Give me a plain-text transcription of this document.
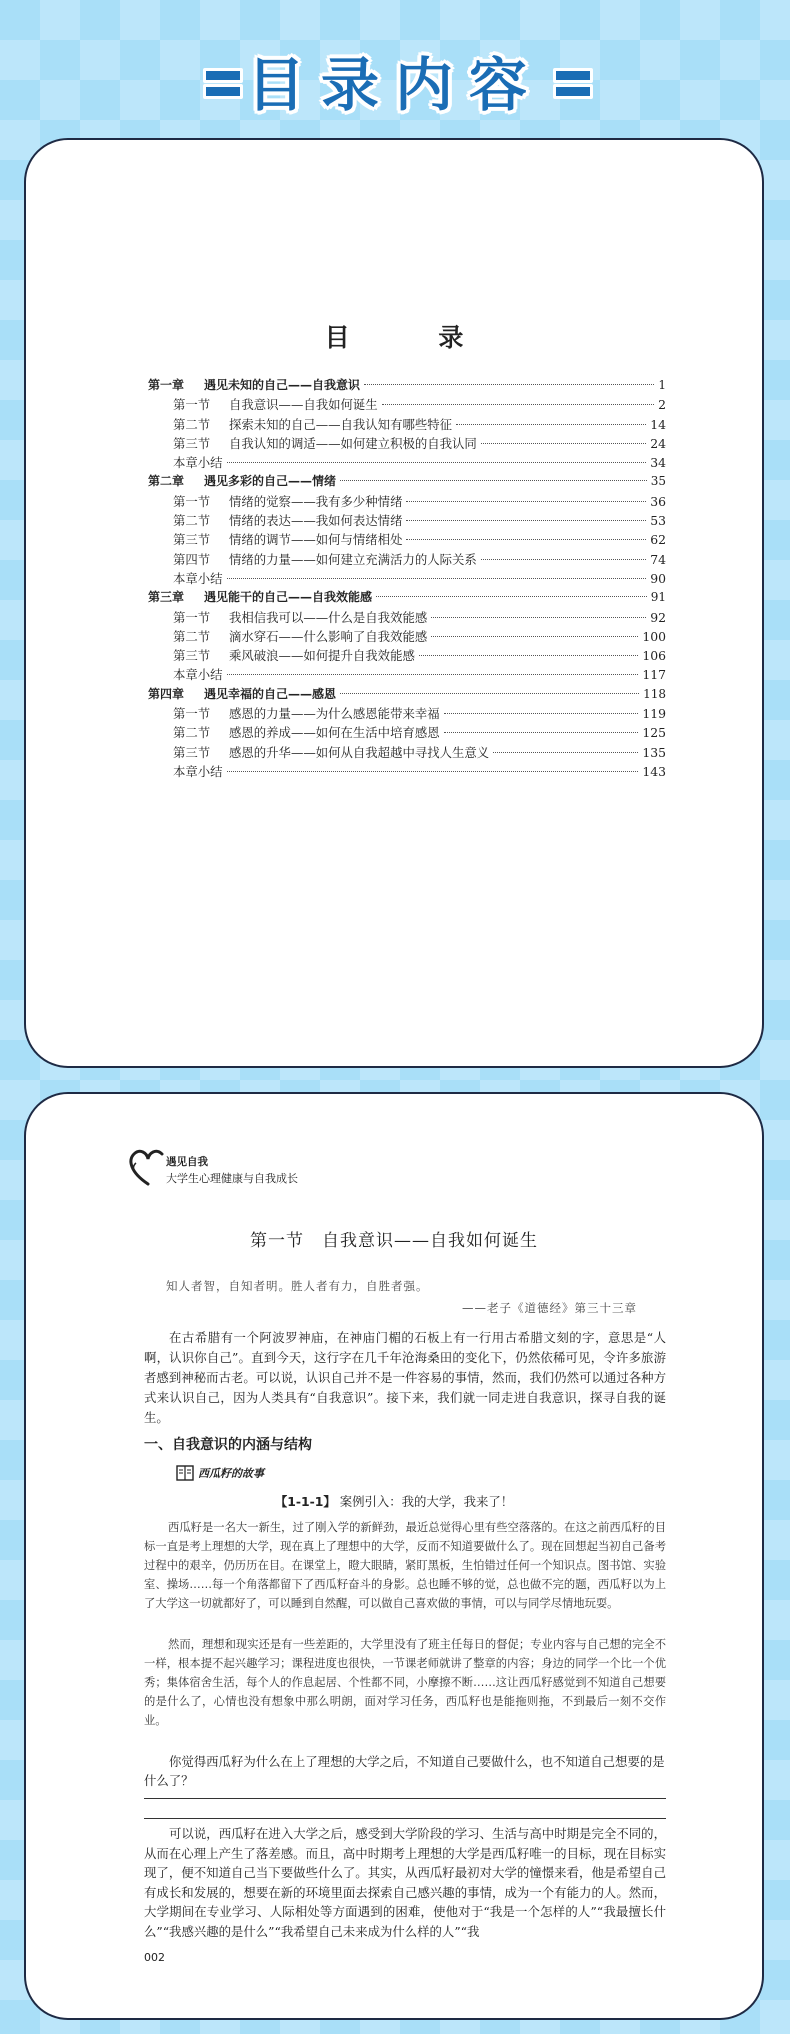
目录内容
目 录
第一章	遇见未知的自己——自我意识	1
第一节	自我意识——自我如何诞生	2
第二节	探索未知的自己——自我认知有哪些特征	14
第三节	自我认知的调适——如何建立积极的自我认同	24
本章小结	34
第二章	遇见多彩的自己——情绪	35
第一节	情绪的觉察——我有多少种情绪	36
第二节	情绪的表达——我如何表达情绪	53
第三节	情绪的调节——如何与情绪相处	62
第四节	情绪的力量——如何建立充满活力的人际关系	74
本章小结	90
第三章	遇见能干的自己——自我效能感	91
第一节	我相信我可以——什么是自我效能感	92
第二节	滴水穿石——什么影响了自我效能感	100
第三节	乘风破浪——如何提升自我效能感	106
本章小结	117
第四章	遇见幸福的自己——感恩	118
第一节	感恩的力量——为什么感恩能带来幸福	119
第二节	感恩的养成——如何在生活中培育感恩	125
第三节	感恩的升华——如何从自我超越中寻找人生意义	135
本章小结	143
遇见自我
大学生心理健康与自我成长
第一节　自我意识——自我如何诞生
知人者智，自知者明。胜人者有力，自胜者强。
——老子《道德经》第三十三章
在古希腊有一个阿波罗神庙，在神庙门楣的石板上有一行用古希腊文刻的字，意思是“人啊，认识你自己”。直到今天，这行字在几千年沧海桑田的变化下，仍然依稀可见，令许多旅游者感到神秘而古老。可以说，认识自己并不是一件容易的事情，然而，我们仍然可以通过各种方式来认识自己，因为人类具有“自我意识”。接下来，我们就一同走进自我意识，探寻自我的诞生。
一、自我意识的内涵与结构
西瓜籽的故事
【1-1-1】 案例引入：我的大学，我来了！
西瓜籽是一名大一新生，过了刚入学的新鲜劲，最近总觉得心里有些空落落的。在这之前西瓜籽的目标一直是考上理想的大学，现在真上了理想中的大学，反而不知道要做什么了。现在回想起当初自己备考过程中的艰辛，仍历历在目。在课堂上，瞪大眼睛，紧盯黑板，生怕错过任何一个知识点。图书馆、实验室、操场……每一个角落都留下了西瓜籽奋斗的身影。总也睡不够的觉，总也做不完的题，西瓜籽以为上了大学这一切就都好了，可以睡到自然醒，可以做自己喜欢做的事情，可以与同学尽情地玩耍。
然而，理想和现实还是有一些差距的，大学里没有了班主任每日的督促；专业内容与自己想的完全不一样，根本提不起兴趣学习；课程进度也很快，一节课老师就讲了整章的内容；身边的同学一个比一个优秀；集体宿舍生活，每个人的作息起居、个性都不同，小摩擦不断……这让西瓜籽感觉到不知道自己想要的是什么了，心情也没有想象中那么明朗，面对学习任务，西瓜籽也是能拖则拖，不到最后一刻不交作业。
你觉得西瓜籽为什么在上了理想的大学之后，不知道自己要做什么，也不知道自己想要的是什么了？
可以说，西瓜籽在进入大学之后，感受到大学阶段的学习、生活与高中时期是完全不同的，从而在心理上产生了落差感。而且，高中时期考上理想的大学是西瓜籽唯一的目标，现在目标实现了，便不知道自己当下要做些什么了。其实，从西瓜籽最初对大学的憧憬来看，他是希望自己有成长和发展的，想要在新的环境里面去探索自己感兴趣的事情，成为一个有能力的人。然而，大学期间在专业学习、人际相处等方面遇到的困难，使他对于“我是一个怎样的人”“我最擅长什么”“我感兴趣的是什么”“我希望自己未来成为什么样的人”“我
002
